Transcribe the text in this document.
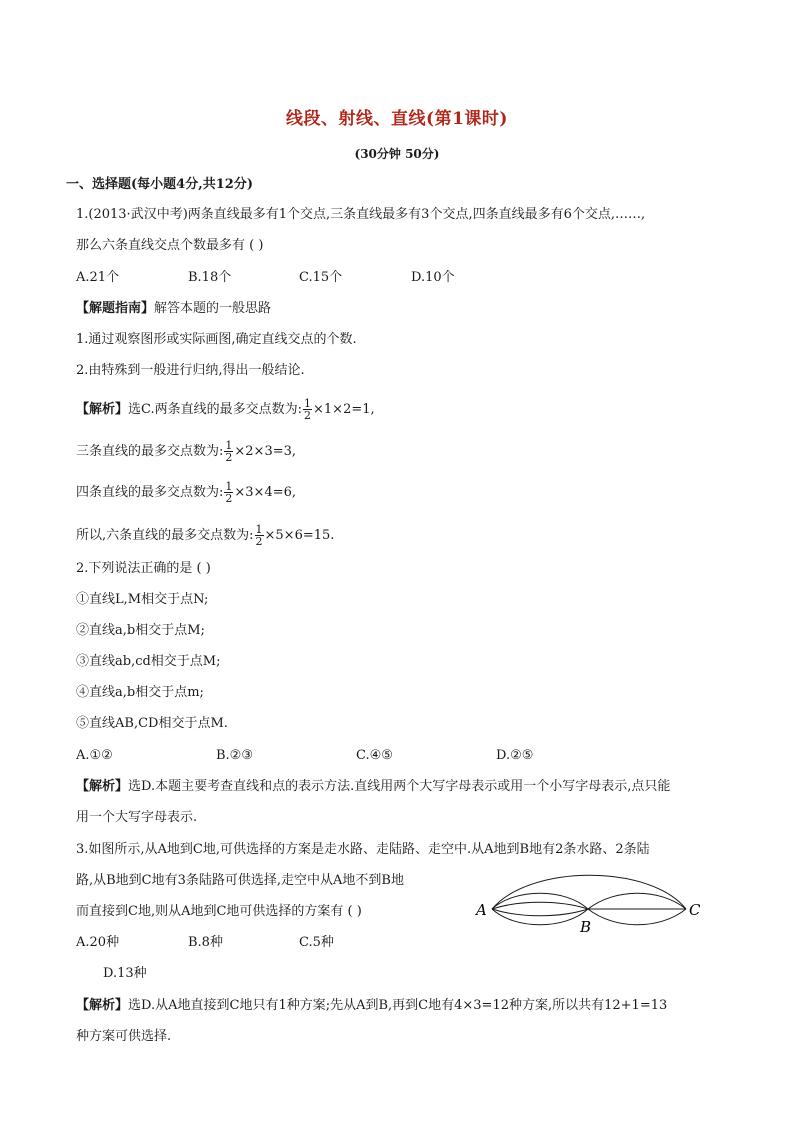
线段、射线、直线(第1课时)
(30分钟 50分)
一、选择题(每小题4分,共12分)
1.(2013·武汉中考)两条直线最多有1个交点,三条直线最多有3个交点,四条直线最多有6个交点,……,
那么六条直线交点个数最多有 ( )
A.21个	B.18个	C.15个	D.10个
【解题指南】解答本题的一般思路
1.通过观察图形或实际画图,确定直线交点的个数.
2.由特殊到一般进行归纳,得出一般结论.
【解析】选C.两条直线的最多交点数为: $\frac{1}{2} \times 1\times 2=1$,
三条直线的最多交点数为: $\frac{1}{2} \times 2\times 3=3$,
四条直线的最多交点数为: $\frac{1}{2} \times 3\times 4=6$,
所以,六条直线的最多交点数为: $\frac{1}{2} \times 5\times 6=15$.
2.下列说法正确的是 ( )
①直线L,M相交于点N;
②直线a,b相交于点M;
③直线ab,cd相交于点M;
④直线a,b相交于点m;
⑤直线AB,CD相交于点M.
A.①②	B.②③	C.④⑤	D.②⑤
【解析】选D.本题主要考查直线和点的表示方法.直线用两个大写字母表示或用一个小写字母表示,点只能
用一个大写字母表示.
3.如图所示,从A地到C地,可供选择的方案是走水路、走陆路、走空中.从A地到B地有2条水路、2条陆
路,从B地到C地有3条陆路可供选择,走空中从A地不到B地
而直接到C地,则从A地到C地可供选择的方案有 ( )	A
B
C
A.20种	B.8种	C.5种
D.13种
【解析】选D.从A地直接到C地只有1种方案;先从A到B,再到C地有4×3=12种方案,所以共有12+1=13
种方案可供选择.
